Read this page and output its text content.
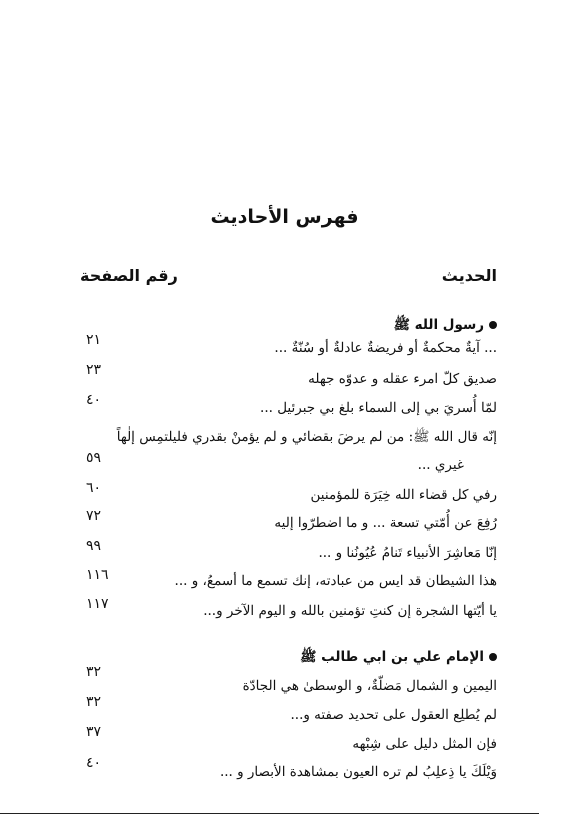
فهرس الأحاديث
الحديث
رقم الصفحة
رسول الله ﷺ
... آيةٌ محكمةٌ أو فريضةٌ عادلةٌ أو سُنّةٌ ...
٢١
صديق كلّ امرء عقله و عدوّه جهله
٢٣
لمّا أُسريَ بي إلى السماء بلغ بي جبرئيل ...
٤٠
إنّه قال الله ﷺ: من لم يرضَ بقضائي و لم يؤمنْ بقدري فليلتمِس إلٰهاً
غيري ...
٥٩
رفي كل قضاء الله خِيَرَة للمؤمنين
٦٠
رُفِعَ عن أُمّتي تسعة ... و ما اضطرّوا إليه
٧٢
إنّا مَعاشِرَ الأنبياء تَنامُ عُيُونُنا و ...
٩٩
هذا الشيطان قد ايس من عبادته، إنك تسمع ما أسمعُ، و ...
١١٦
يا أيّتها الشجرة إن كنتِ تؤمنين بالله و اليوم الآخر و...
١١٧
الإمام علي بن ابي طالب ﷺ
اليمين و الشمال مَضلّةٌ، و الوسطىٰ هي الجادّة
٣٢
لم يُطلِع العقول على تحديد صفته و...
٣٢
فإن المثل دليل على شِبْهه
٣٧
وَيْلَكَ يا ذِعلِبُ لم تره العيون بمشاهدة الأبصار و ...
٤٠
